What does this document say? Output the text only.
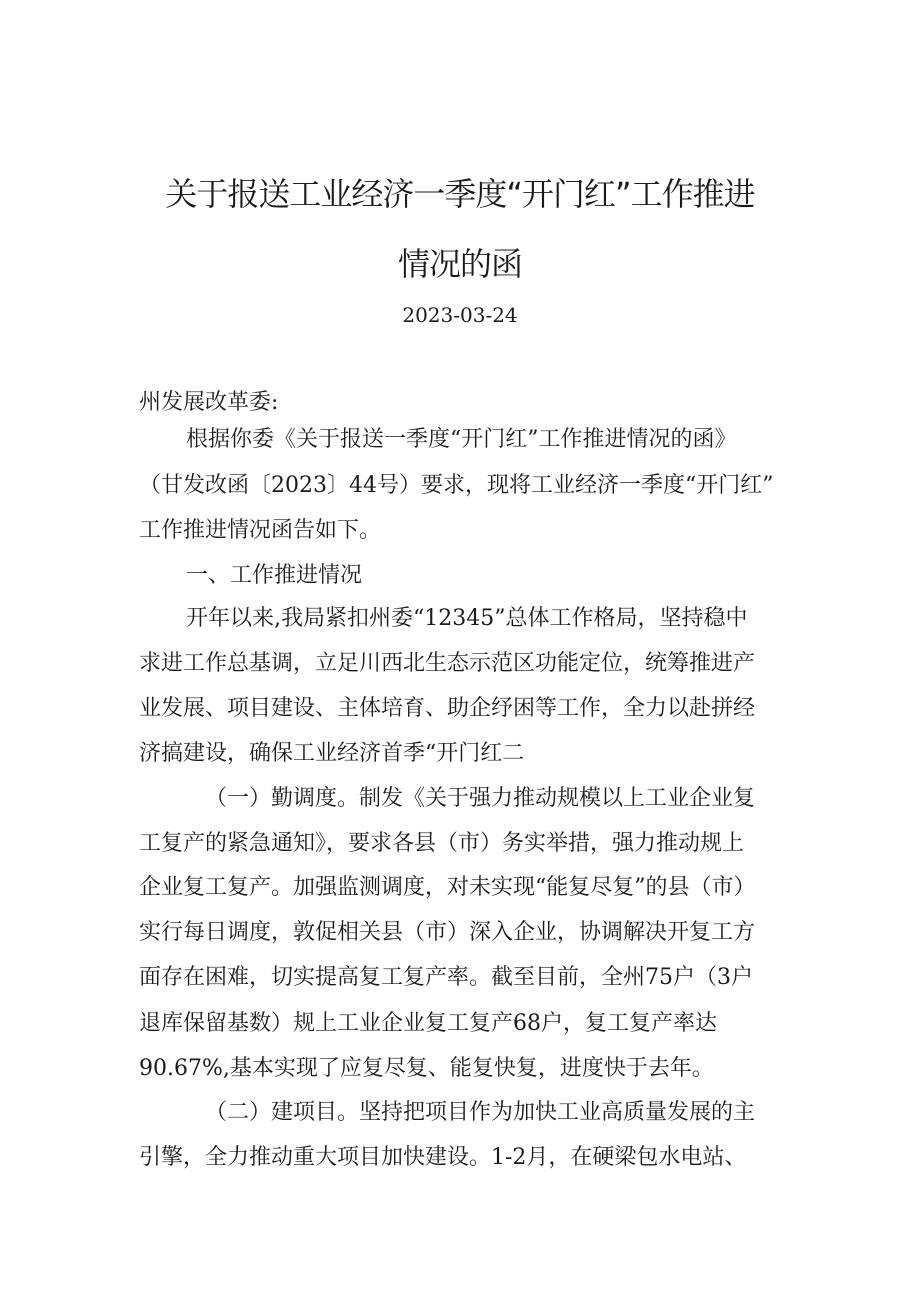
关于报送工业经济一季度“开门红”工作推进
情况的函
2023-03-24
州发展改革委:
根据你委《关于报送一季度“开门红”工作推进情况的函》
（甘发改函〔2023〕44号）要求，现将工业经济一季度“开门红”
工作推进情况函告如下。
一、工作推进情况
开年以来,我局紧扣州委“12345”总体工作格局，坚持稳中
求进工作总基调，立足川西北生态示范区功能定位，统筹推进产
业发展、项目建设、主体培育、助企纾困等工作，全力以赴拼经
济搞建设，确保工业经济首季“开门红二
（一）勤调度。制发《关于强力推动规模以上工业企业复
工复产的紧急通知》，要求各县（市）务实举措，强力推动规上
企业复工复产。加强监测调度，对未实现“能复尽复”的县（市）
实行每日调度，敦促相关县（市）深入企业，协调解决开复工方
面存在困难，切实提高复工复产率。截至目前，全州75户（3户
退库保留基数）规上工业企业复工复产68户，复工复产率达
90.67%,基本实现了应复尽复、能复快复，进度快于去年。
（二）建项目。坚持把项目作为加快工业高质量发展的主
引擎，全力推动重大项目加快建设。1-2月，在硬梁包水电站、
